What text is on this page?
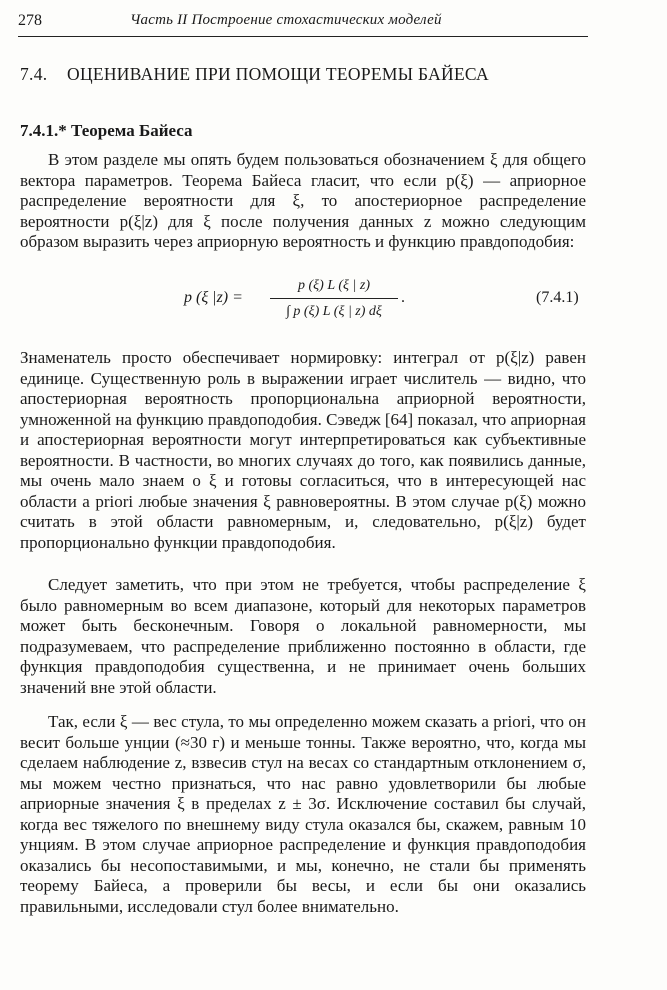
278	Часть II Построение стохастических моделей
7.4. ОЦЕНИВАНИЕ ПРИ ПОМОЩИ ТЕОРЕМЫ БАЙЕСА
7.4.1.* Теорема Байеса

В этом разделе мы опять будем пользоваться обозначением ξ для общего вектора параметров. Теорема Байеса гласит, что если p(ξ) — априорное распределение вероятности для ξ, то апостериорное распределение вероятности p(ξ|z) для ξ после получения данных z можно следующим образом выразить через априорную вероятность и функцию правдоподобия:

p (ξ |z) =
p (ξ) L (ξ | z)
∫ p (ξ) L (ξ | z) dξ
.	(7.4.1)

Знаменатель просто обеспечивает нормировку: интеграл от p(ξ|z) равен единице. Существенную роль в выражении играет числитель — видно, что апостериорная вероятность пропорциональна априорной вероятности, умноженной на функцию правдоподобия. Сэведж [64] показал, что априорная и апостериорная вероятности могут интерпретироваться как субъективные вероятности. В частности, во многих случаях до того, как появились данные, мы очень мало знаем о ξ и готовы согласиться, что в интересующей нас области a priori любые значения ξ равновероятны. В этом случае p(ξ) можно считать в этой области равномерным, и, следовательно, p(ξ|z) будет пропорционально функции правдоподобия.

Следует заметить, что при этом не требуется, чтобы распределение ξ было равномерным во всем диапазоне, который для некоторых параметров может быть бесконечным. Говоря о локальной равномерности, мы подразумеваем, что распределение приближенно постоянно в области, где функция правдоподобия существенна, и не принимает очень больших значений вне этой области.

Так, если ξ — вес стула, то мы определенно можем сказать a priori, что он весит больше унции (≈30 г) и меньше тонны. Также вероятно, что, когда мы сделаем наблюдение z, взвесив стул на весах со стандартным отклонением σ, мы можем честно признаться, что нас равно удовлетворили бы любые априорные значения ξ в пределах z ± 3σ. Исключение составил бы случай, когда вес тяжелого по внешнему виду стула оказался бы, скажем, равным 10 унциям. В этом случае априорное распределение и функция правдоподобия оказались бы несопоставимыми, и мы, конечно, не стали бы применять теорему Байеса, а проверили бы весы, и если бы они оказались правильными, исследовали стул более внимательно.
